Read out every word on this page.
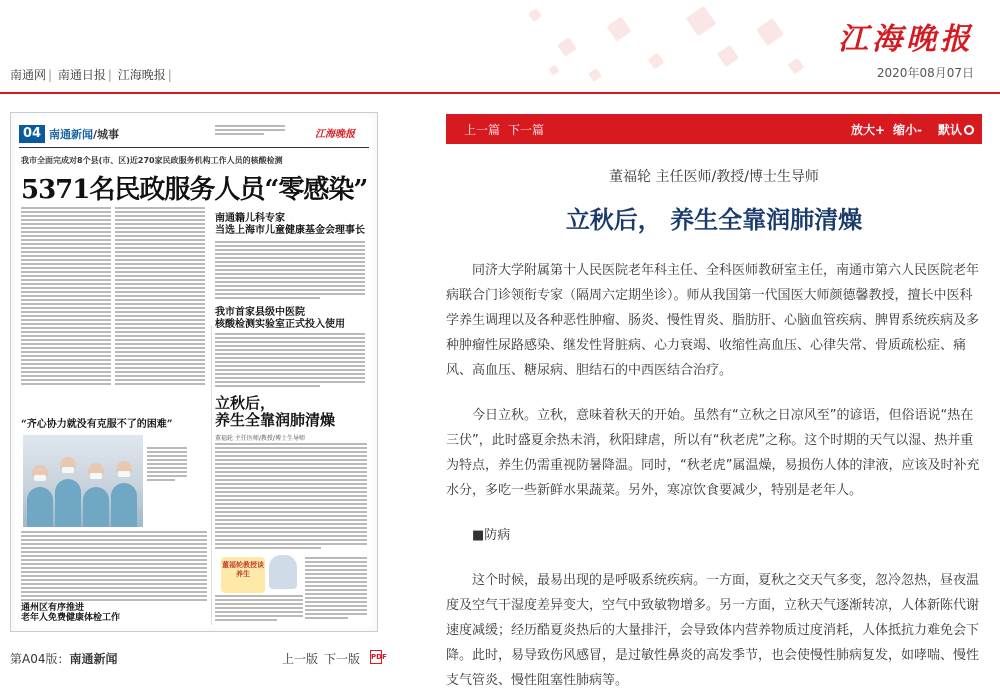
江海晚报
2020年08月07日
南通网 | 南通日报 | 江海晚报 |
04 南通新闻/城事	江海晚报
我市全面完成对8个县(市、区)近270家民政服务机构工作人员的核酸检测
5371名民政服务人员“零感染”
南通籍儿科专家
当选上海市儿童健康基金会理事长
我市首家县级中医院
核酸检测实验室正式投入使用
“齐心协力就没有克服不了的困难”
立秋后，
养生全靠润肺清燥
董福轮 主任医师/教授/博士生导师
董福轮教授谈养生
通州区有序推进
老年人免费健康体检工作
第A04版：南通新闻	上一版 下一版	PDF
上一篇 下一篇	放大+ 缩小- 默认
董福轮 主任医师/教授/博士生导师
立秋后， 养生全靠润肺清燥

同济大学附属第十人民医院老年科主任、全科医师教研室主任，南通市第六人民医院老年病联合门诊领衔专家（隔周六定期坐诊）。师从我国第一代国医大师颜德馨教授，擅长中医科学养生调理以及各种恶性肿瘤、肠炎、慢性胃炎、脂肪肝、心脑血管疾病、脾胃系统疾病及多种肿瘤性尿路感染、继发性肾脏病、心力衰竭、收缩性高血压、心律失常、骨质疏松症、痛风、高血压、糖尿病、胆结石的中西医结合治疗。

今日立秋。立秋，意味着秋天的开始。虽然有“立秋之日凉风至”的谚语，但俗语说“热在三伏”，此时盛夏余热未消，秋阳肆虐，所以有“秋老虎”之称。这个时期的天气以湿、热并重为特点，养生仍需重视防暑降温。同时，“秋老虎”属温燥，易损伤人体的津液，应该及时补充水分，多吃一些新鲜水果蔬菜。另外，寒凉饮食要减少，特别是老年人。

■防病

这个时候，最易出现的是呼吸系统疾病。一方面，夏秋之交天气多变，忽冷忽热，昼夜温度及空气干湿度差异变大，空气中致敏物增多。另一方面，立秋天气逐渐转凉，人体新陈代谢速度减缓；经历酷夏炎热后的大量排汗，会导致体内营养物质过度消耗，人体抵抗力难免会下降。此时，易导致伤风感冒，是过敏性鼻炎的高发季节，也会使慢性肺病复发，如哮喘、慢性支气管炎、慢性阻塞性肺病等。
